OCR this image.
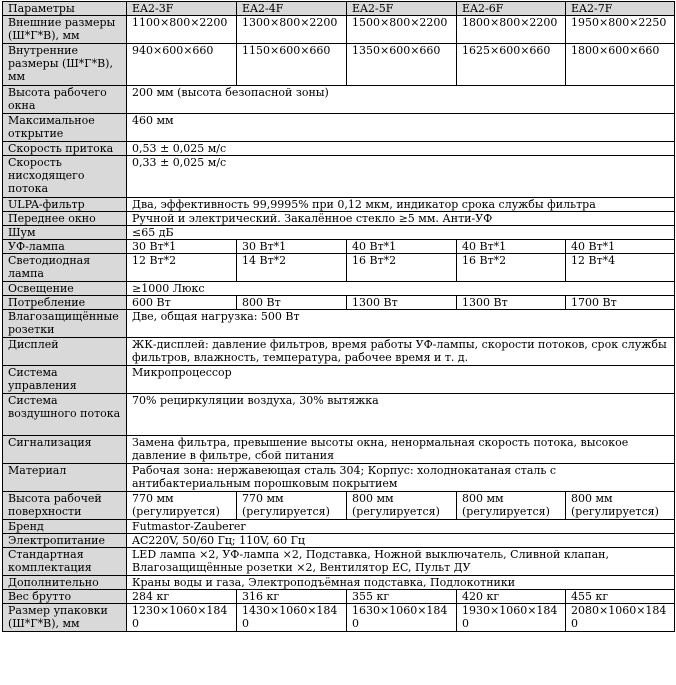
Параметры	EA2-3F	EA2-4F	EA2-5F	EA2-6F	EA2-7F
Внешние размеры (Ш*Г*В), мм	1100×800×2200	1300×800×2200	1500×800×2200	1800×800×2200	1950×800×2250
Внутренние размеры (Ш*Г*В), мм	940×600×660	1150×600×660	1350×600×660	1625×600×660	1800×600×660
Высота рабочего окна	200 мм (высота безопасной зоны)				
Максимальное открытие	460 мм				
Скорость притока	0,53 ± 0,025 м/с				
Скорость нисходящего потока	0,33 ± 0,025 м/с				
ULPA-фильтр	Два, эффективность 99,9995% при 0,12 мкм, индикатор срока службы фильтра				
Переднее окно	Ручной и электрический. Закалённое стекло ≥5 мм. Анти-УФ				
Шум	≤65 дБ				
УФ-лампа	30 Вт*1	30 Вт*1	40 Вт*1	40 Вт*1	40 Вт*1
Светодиодная лампа	12 Вт*2	14 Вт*2	16 Вт*2	16 Вт*2	12 Вт*4
Освещение	≥1000 Люкс				
Потребление	600 Вт	800 Вт	1300 Вт	1300 Вт	1700 Вт
Влагозащищённые розетки	Две, общая нагрузка: 500 Вт				
Дисплей	ЖК-дисплей: давление фильтров, время работы УФ-лампы, скорости потоков, срок службы фильтров, влажность, температура, рабочее время и т. д.				
Система управления	Микропроцессор				
Система воздушного потока	70% рециркуляции воздуха, 30% вытяжка				
Сигнализация	Замена фильтра, превышение высоты окна, ненормальная скорость потока, высокое давление в фильтре, сбой питания				
Материал	Рабочая зона: нержавеющая сталь 304; Корпус: холоднокатаная сталь с антибактериальным порошковым покрытием				
Высота рабочей поверхности	770 мм (регулируется)	770 мм (регулируется)	800 мм (регулируется)	800 мм (регулируется)	800 мм (регулируется)
Бренд	Futmastor-Zauberer				
Электропитание	AC220V, 50/60 Гц; 110V, 60 Гц				
Стандартная комплектация	LED лампа ×2, УФ-лампа ×2, Подставка, Ножной выключатель, Сливной клапан, Влагозащищённые розетки ×2, Вентилятор EC, Пульт ДУ				
Дополнительно	Краны воды и газа, Электроподъёмная подставка, Подлокотники				
Вес брутто	284 кг	316 кг	355 кг	420 кг	455 кг
Размер упаковки (Ш*Г*В), мм	1230×1060×1840	1430×1060×1840	1630×1060×1840	1930×1060×1840	2080×1060×1840
